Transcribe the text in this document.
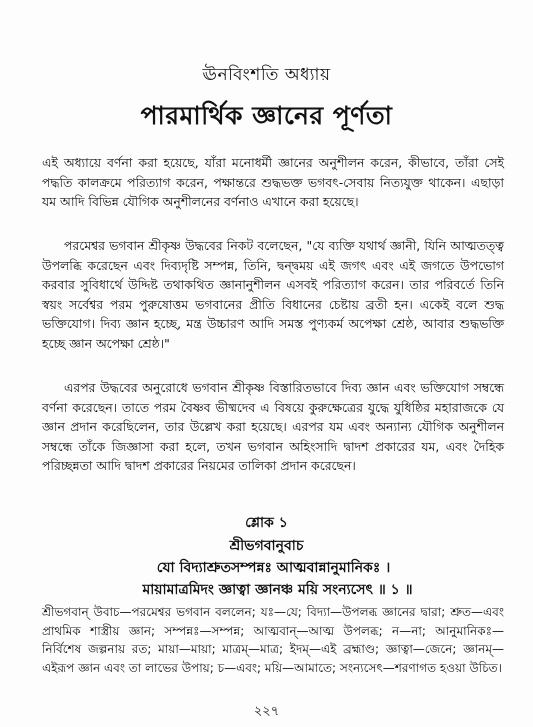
ঊনবিংশতি অধ্যায়
পারমার্থিক জ্ঞানের পূর্ণতা

এই অধ্যায়ে বর্ণনা করা হয়েছে, যাঁরা মনোধর্মী জ্ঞানের অনুশীলন করেন, কীভাবে, তাঁরা সেই পদ্ধতি কালক্রমে পরিত্যাগ করেন, পক্ষান্তরে শুদ্ধভক্ত ভগবৎ-সেবায় নিত্যযুক্ত থাকেন। এছাড়া যম আদি বিভিন্ন যৌগিক অনুশীলনের বর্ণনাও এখানে করা হয়েছে।

পরমেশ্বর ভগবান শ্রীকৃষ্ণ উদ্ধবের নিকট বলেছেন, "যে ব্যক্তি যথার্থ জ্ঞানী, যিনি আত্মতত্ত্ব উপলব্ধি করেছেন এবং দিব্যদৃষ্টি সম্পন্ন, তিনি, দ্বন্দ্বময় এই জগৎ এবং এই জগতে উপভোগ করবার সুবিধার্থে উদ্দিষ্ট তথাকথিত জ্ঞানানুশীলন এসবই পরিত্যাগ করেন। তার পরিবর্তে তিনি স্বয়ং সর্বেশ্বর পরম পুরুষোত্তম ভগবানের প্রীতি বিধানের চেষ্টায় ব্রতী হন। একেই বলে শুদ্ধ ভক্তিযোগ। দিব্য জ্ঞান হচ্ছে, মন্ত্র উচ্চারণ আদি সমস্ত পুণ্যকর্ম অপেক্ষা শ্রেষ্ঠ, আবার শুদ্ধভক্তি হচ্ছে জ্ঞান অপেক্ষা শ্রেষ্ঠ।"

এরপর উদ্ধবের অনুরোধে ভগবান শ্রীকৃষ্ণ বিস্তারিতভাবে দিব্য জ্ঞান এবং ভক্তিযোগ সম্বন্ধে বর্ণনা করেছেন। তাতে পরম বৈষ্ণব ভীষ্মদেব এ বিষয়ে কুরুক্ষেত্রের যুদ্ধে যুধিষ্ঠির মহারাজকে যে জ্ঞান প্রদান করেছিলেন, তার উল্লেখ করা হয়েছে। এরপর যম এবং অন্যান্য যৌগিক অনুশীলন সম্বন্ধে তাঁকে জিজ্ঞাসা করা হলে, তখন ভগবান অহিংসাদি দ্বাদশ প্রকারের যম, এবং দৈহিক পরিচ্ছন্নতা আদি দ্বাদশ প্রকারের নিয়মের তালিকা প্রদান করেছেন।

শ্লোক ১
শ্রীভগবানুবাচ
যো বিদ্যাশ্রুতসম্পন্নঃ আত্মবান্নানুমানিকঃ ।
মায়ামাত্রমিদং জ্ঞাত্বা জ্ঞানঞ্চ ময়ি সংন্যসেৎ ॥ ১ ॥

শ্রীভগবান্ উবাচ—পরমেশ্বর ভগবান বললেন; যঃ—যে; বিদ্যা—উপলব্ধ জ্ঞানের দ্বারা; শ্রুত—এবং প্রাথমিক শাস্ত্রীয় জ্ঞান; সম্পন্নঃ—সম্পন্ন; আত্মবান্—আত্ম উপলব্ধ; ন—না; আনুমানিকঃ—নির্বিশেষ জল্পনায় রত; মায়া—মায়া; মাত্রম্—মাত্র; ইদম্—এই ব্রহ্মাণ্ড; জ্ঞাত্বা—জেনে; জ্ঞানম্—এইরূপ জ্ঞান এবং তা লাভের উপায়; চ—এবং; ময়ি—আমাতে; সংন্যসেৎ—শরণাগত হওয়া উচিত।

২২৭
